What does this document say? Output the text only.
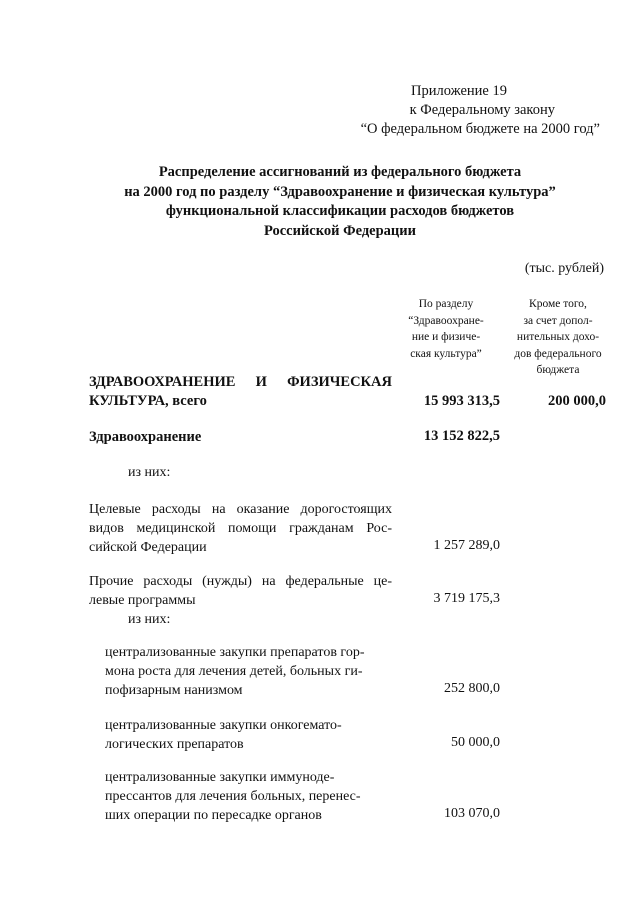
Приложение 19
к Федеральному закону
“О федеральном бюджете на 2000 год”
Распределение ассигнований из федерального бюджета
на 2000 год по разделу “Здравоохранение и физическая культура”
функциональной классификации расходов бюджетов
Российской Федерации
(тыс. рублей)
По разделу
“Здравоохране-
ние и физиче-
ская культура”
Кроме того,
за счет допол-
нительных дохо-
дов федерального
бюджета
ЗДРАВООХРАНЕНИЕ И ФИЗИЧЕСКАЯ
КУЛЬТУРА, всего	15 993 313,5	200 000,0
Здравоохранение	13 152 822,5
из них:
Целевые расходы на оказание дорогостоящих
видов медицинской помощи гражданам Рос-
сийской Федерации	1 257 289,0
Прочие расходы (нужды) на федеральные це-
левые программы	3 719 175,3
из них:
централизованные закупки препаратов гор-
мона роста для лечения детей, больных ги-
пофизарным нанизмом	252 800,0
централизованные закупки онкогемато-
логических препаратов	50 000,0
централизованные закупки иммуноде-
прессантов для лечения больных, перенес-
ших операции по пересадке органов	103 070,0
